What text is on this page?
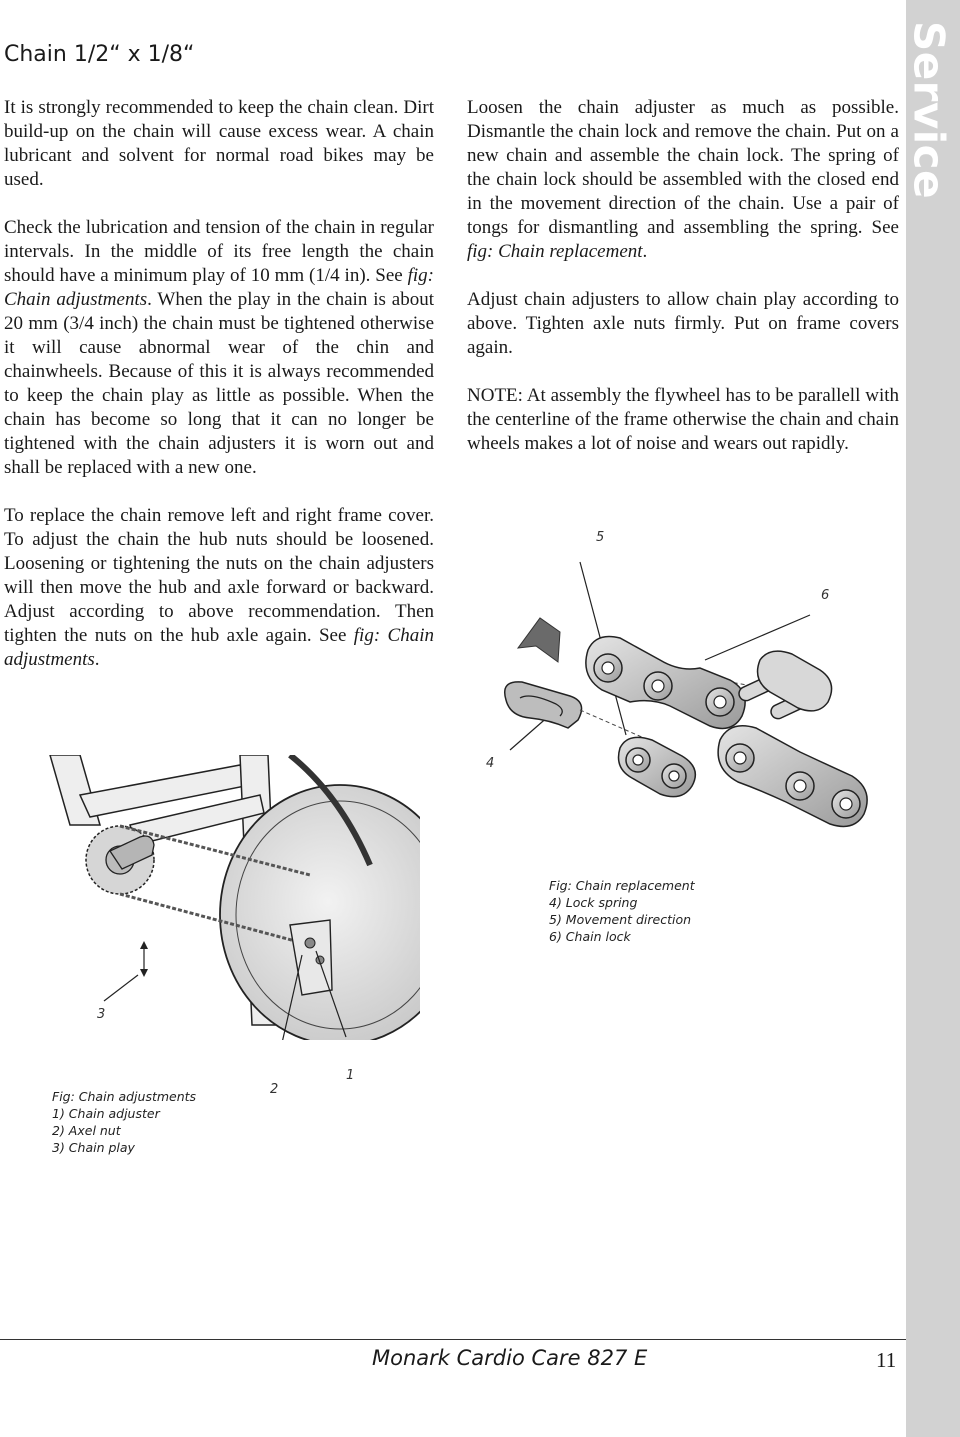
Chain 1/2“ x 1/8“	Service

It is strongly recommended to keep the chain clean. Dirt build-up on the chain will cause excess wear. A chain lubricant and solvent for normal road bikes may be used.

Check the lubrication and tension of the chain in regular intervals. In the middle of its free length the chain should have a minimum play of 10 mm (1/4 in). See fig: Chain adjustments. When the play in the chain is about 20 mm (3/4 inch) the chain must be tightened otherwise it will cause abnormal wear of the chin and chainwheels. Because of this it is always recommended to keep the chain play as little as possible. When the chain has become so long that it can no longer be tightened with the chain adjusters it is worn out and shall be replaced with a new one.

To replace the chain remove left and right frame cover. To adjust the chain the hub nuts should be loosened. Loosening or tightening the nuts on the chain adjusters will then move the hub and axle forward or backward. Adjust according to above recommendation. Then tighten the nuts on the hub axle again. See fig: Chain adjustments.

Loosen the chain adjuster as much as possible. Dismantle the chain lock and remove the chain. Put on a new chain and assemble the chain lock. The spring of the chain lock should be assembled with the closed end in the movement direction of the chain. Use a pair of tongs for dismantling and assembling the spring. See fig: Chain replacement.

Adjust chain adjusters to allow chain play according to above. Tighten axle nuts firmly. Put on frame covers again.

NOTE: At assembly the flywheel has to be parallell with the centerline of the frame otherwise the chain and chain wheels makes a lot of noise and wears out rapidly.

5
6
4
Fig: Chain replacement
4) Lock spring
5) Movement direction
6) Chain lock
3
1
2
Fig: Chain adjustments
1) Chain adjuster
2) Axel nut
3) Chain play
Monark Cardio Care 827 E	11
